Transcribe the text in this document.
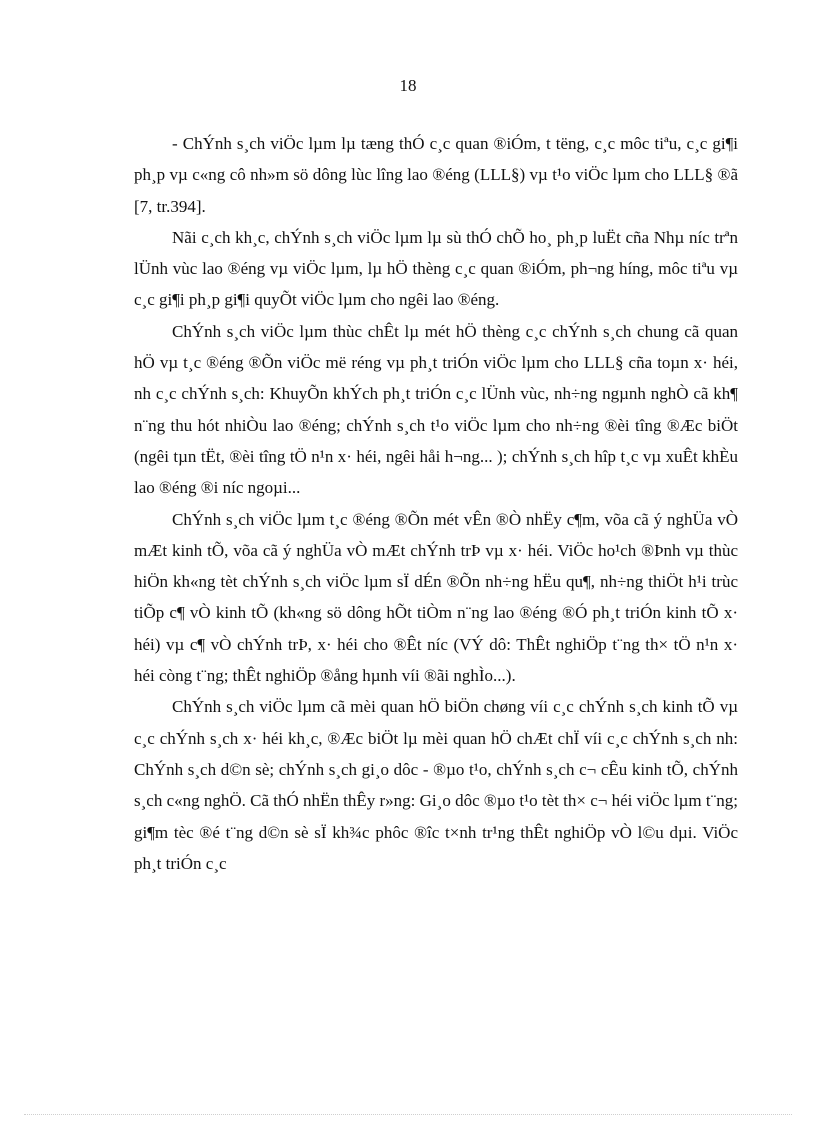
18

- ChÝnh s¸ch viÖc lµm lµ tæng thÓ c¸c quan ®iÓm, t tëng, c¸c môc tiªu, c¸c gi¶i ph¸p vµ c«ng cô nh»m sö dông lùc lîng lao ®éng (LLL§) vµ t¹o viÖc lµm cho LLL§ ®ã [7, tr.394].

Nãi c¸ch kh¸c, chÝnh s¸ch viÖc lµm lµ sù thÓ chÕ ho¸ ph¸p luËt cña Nhµ níc trªn lÜnh vùc lao ®éng vµ viÖc lµm, lµ hÖ thèng c¸c quan ®iÓm, ph¬ng híng, môc tiªu vµ c¸c gi¶i ph¸p gi¶i quyÕt viÖc lµm cho ngêi lao ®éng.

ChÝnh s¸ch viÖc lµm thùc chÊt lµ mét hÖ thèng c¸c chÝnh s¸ch chung cã quan hÖ vµ t¸c ®éng ®Õn viÖc më réng vµ ph¸t triÓn viÖc lµm cho LLL§ cña toµn x· héi, nh c¸c chÝnh s¸ch: KhuyÕn khÝch ph¸t triÓn c¸c lÜnh vùc, nh÷ng ngµnh nghÒ cã kh¶ n¨ng thu hót nhiÒu lao ®éng; chÝnh s¸ch t¹o viÖc lµm cho nh÷ng ®èi tîng ®Æc biÖt (ngêi tµn tËt, ®èi tîng tÖ n¹n x· héi, ngêi håi h¬ng... ); chÝnh s¸ch hîp t¸c vµ xuÊt khÈu lao ®éng ®i níc ngoµi...

ChÝnh s¸ch viÖc lµm t¸c ®éng ®Õn mét vÊn ®Ò nhËy c¶m, võa cã ý nghÜa vÒ mÆt kinh tÕ, võa cã ý nghÜa vÒ mÆt chÝnh trÞ vµ x· héi. ViÖc ho¹ch ®Þnh vµ thùc hiÖn kh«ng tèt chÝnh s¸ch viÖc lµm sÏ dÉn ®Õn nh÷ng hËu qu¶, nh÷ng thiÖt h¹i trùc tiÕp c¶ vÒ kinh tÕ (kh«ng sö dông hÕt tiÒm n¨ng lao ®éng ®Ó ph¸t triÓn kinh tÕ x· héi) vµ c¶ vÒ chÝnh trÞ, x· héi cho ®Êt níc (VÝ dô: ThÊt nghiÖp t¨ng th× tÖ n¹n x· héi còng t¨ng; thÊt nghiÖp ®ång hµnh víi ®ãi nghÌo...).

ChÝnh s¸ch viÖc lµm cã mèi quan hÖ biÖn chøng víi c¸c chÝnh s¸ch kinh tÕ vµ c¸c chÝnh s¸ch x· héi kh¸c, ®Æc biÖt lµ mèi quan hÖ chÆt chÏ víi c¸c chÝnh s¸ch nh: ChÝnh s¸ch d©n sè; chÝnh s¸ch gi¸o dôc - ®µo t¹o, chÝnh s¸ch c¬ cÊu kinh tÕ, chÝnh s¸ch c«ng nghÖ. Cã thÓ nhËn thÊy r»ng: Gi¸o dôc ®µo t¹o tèt th× c¬ héi viÖc lµm t¨ng; gi¶m tèc ®é t¨ng d©n sè sÏ kh¾c phôc ®îc t×nh tr¹ng thÊt nghiÖp vÒ l©u dµi. ViÖc ph¸t triÓn c¸c
